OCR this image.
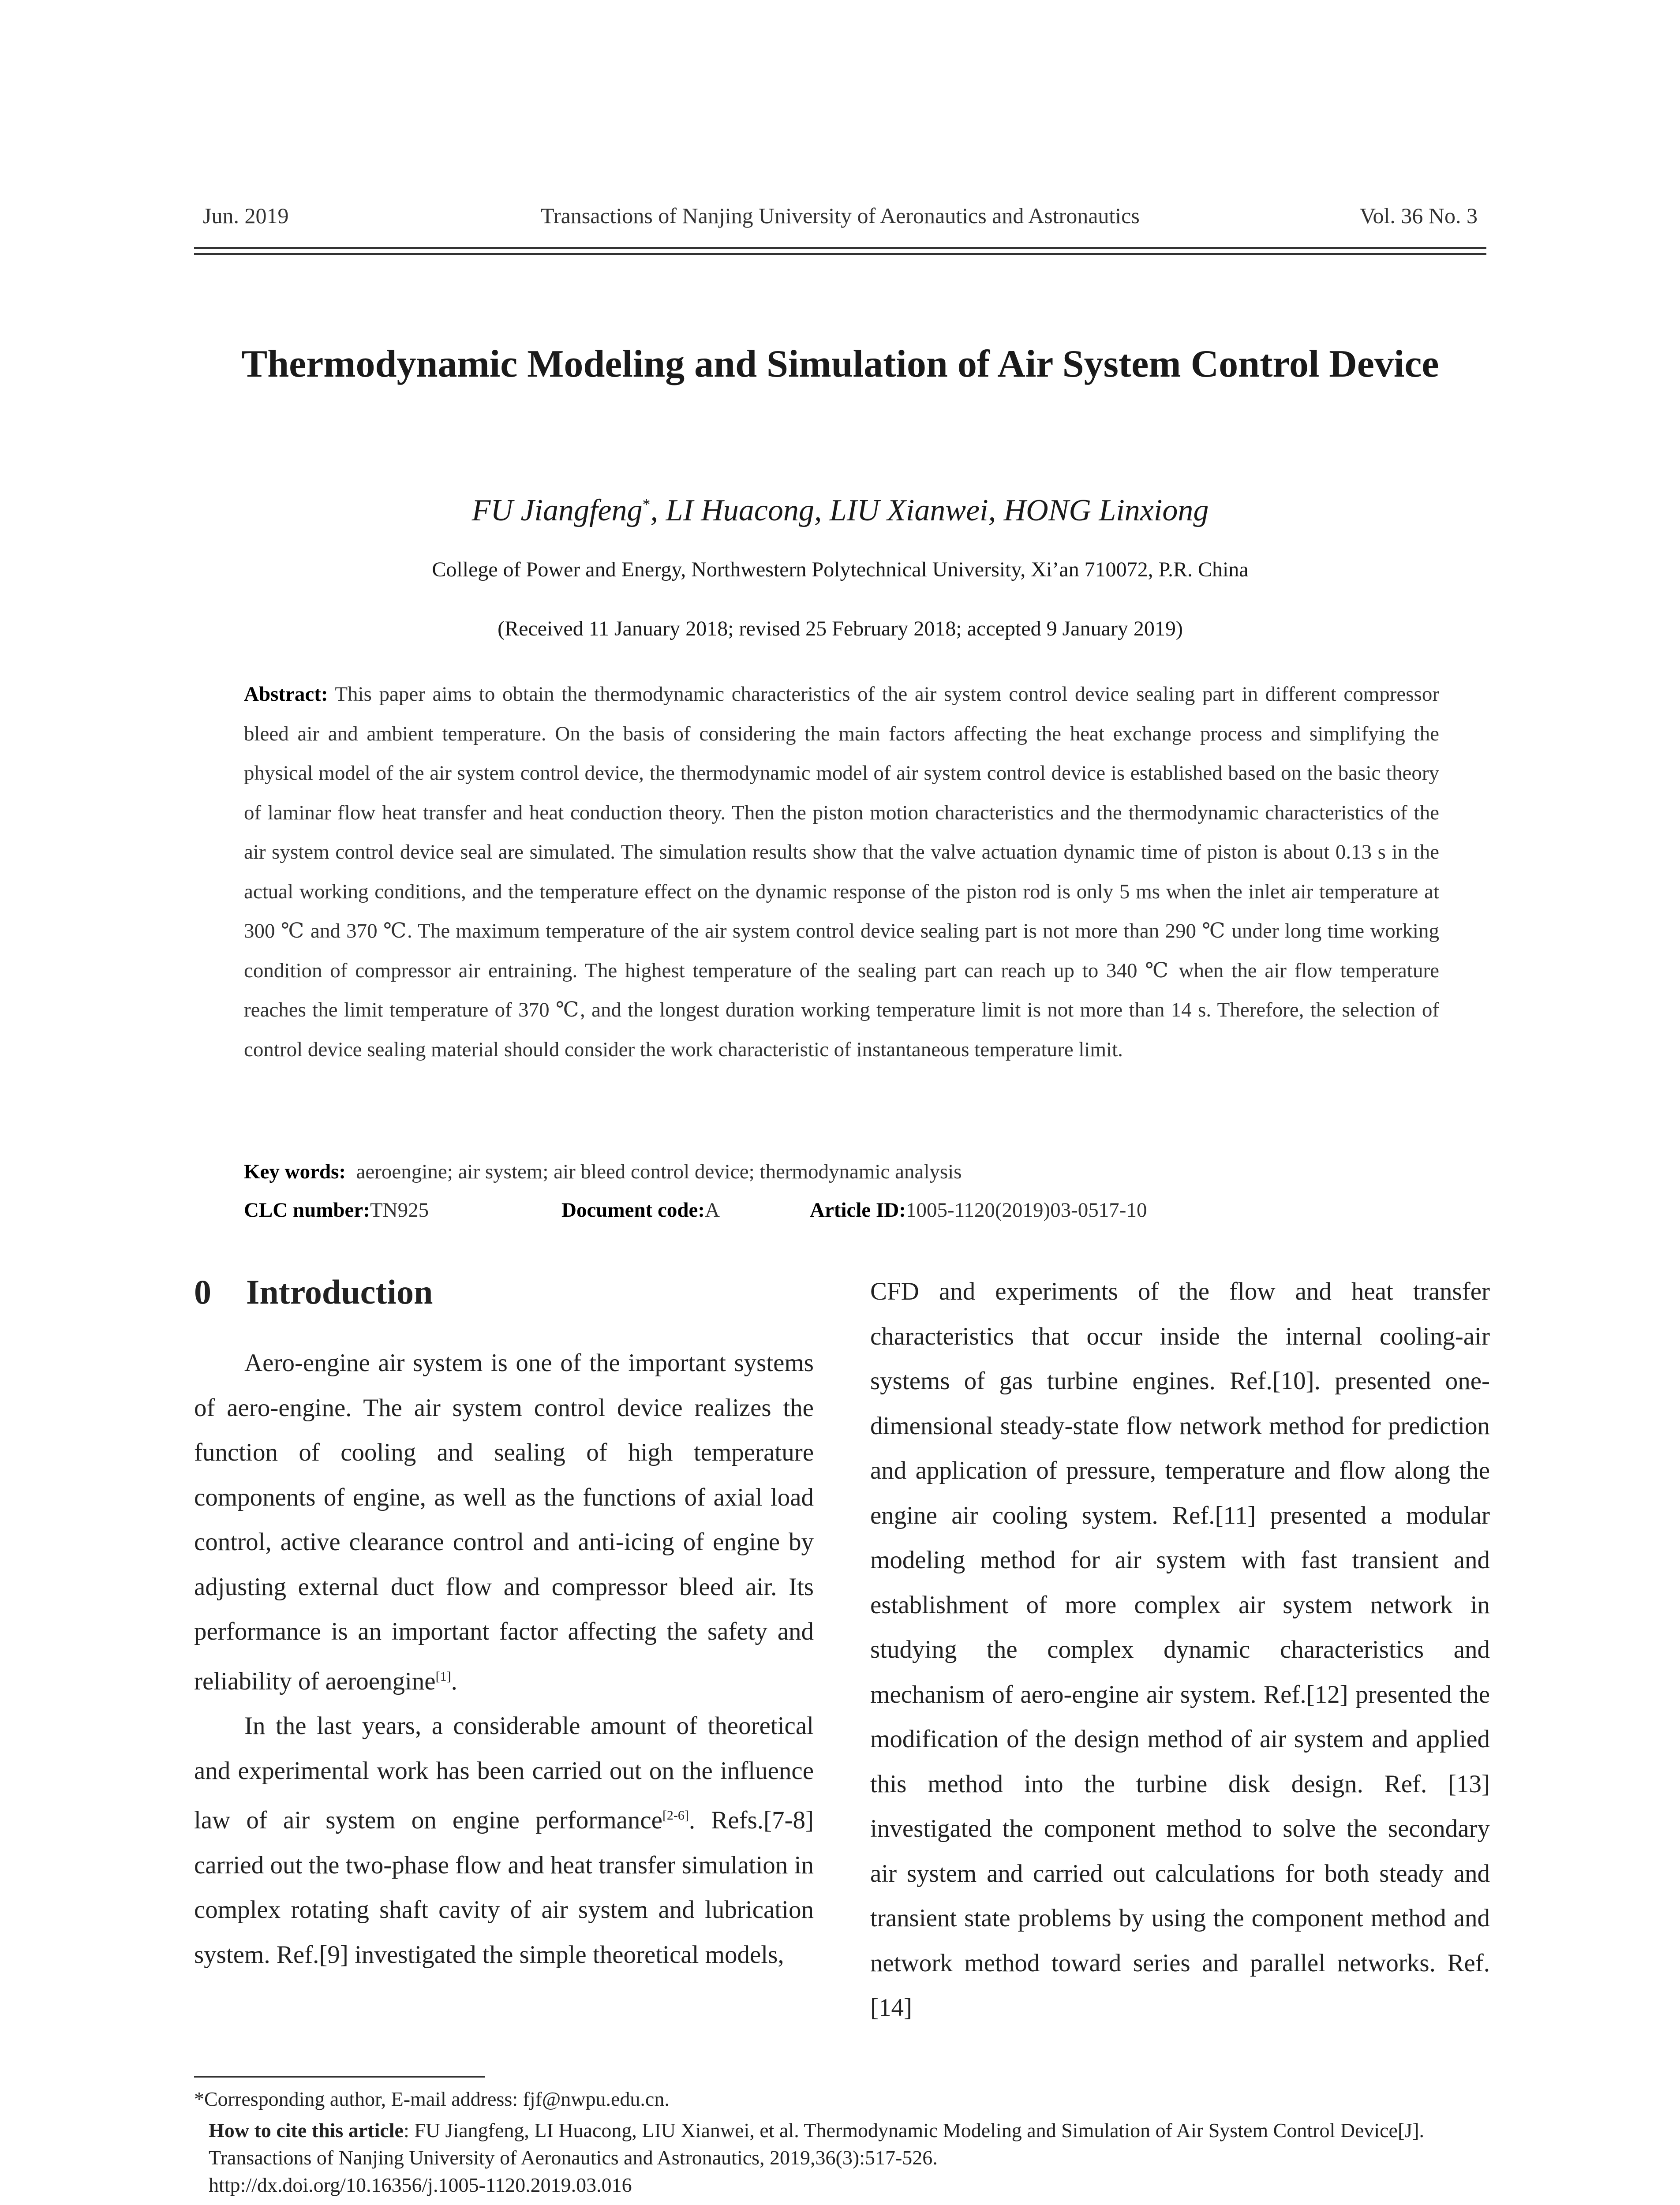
Jun. 2019	Transactions of Nanjing University of Aeronautics and Astronautics	Vol. 36 No. 3
Thermodynamic Modeling and Simulation of Air System Control Device
FU Jiangfeng*, LI Huacong, LIU Xianwei, HONG Linxiong
College of Power and Energy, Northwestern Polytechnical University, Xi’an 710072, P.R. China
(Received 11 January 2018; revised 25 February 2018; accepted 9 January 2019)
Abstract: This paper aims to obtain the thermodynamic characteristics of the air system control device sealing part in different compressor bleed air and ambient temperature. On the basis of considering the main factors affecting the heat exchange process and simplifying the physical model of the air system control device, the thermodynamic model of air system control device is established based on the basic theory of laminar flow heat transfer and heat conduction theory. Then the piston motion characteristics and the thermodynamic characteristics of the air system control device seal are simulated. The simulation results show that the valve actuation dynamic time of piston is about 0.13 s in the actual working conditions, and the temperature effect on the dynamic response of the piston rod is only 5 ms when the inlet air temperature at 300 ℃ and 370 ℃. The maximum temperature of the air system control device sealing part is not more than 290 ℃ under long time working condition of compressor air entraining. The highest temperature of the sealing part can reach up to 340 ℃ when the air flow temperature reaches the limit temperature of 370 ℃, and the longest duration working temperature limit is not more than 14 s. Therefore, the selection of control device sealing material should consider the work characteristic of instantaneous temperature limit.
Key words: aeroengine; air system; air bleed control device; thermodynamic analysis
CLC number:TN925	Document code:A	Article ID:1005-1120(2019)03-0517-10
0 Introduction

Aero-engine air system is one of the important systems of aero-engine. The air system control device realizes the function of cooling and sealing of high temperature components of engine, as well as the functions of axial load control, active clearance control and anti-icing of engine by adjusting external duct flow and compressor bleed air. Its performance is an important factor affecting the safety and reliability of aeroengine[1].

In the last years, a considerable amount of theoretical and experimental work has been carried out on the influence law of air system on engine performance[2-6]. Refs.[7-8] carried out the two-phase flow and heat transfer simulation in complex rotating shaft cavity of air system and lubrication system. Ref.[9] investigated the simple theoretical models,

CFD and experiments of the flow and heat transfer characteristics that occur inside the internal cooling-air systems of gas turbine engines. Ref.[10]. presented one-dimensional steady-state flow network method for prediction and application of pressure, temperature and flow along the engine air cooling system. Ref.[11] presented a modular modeling method for air system with fast transient and establishment of more complex air system network in studying the complex dynamic characteristics and mechanism of aero-engine air system. Ref.[12] presented the modification of the design method of air system and applied this method into the turbine disk design. Ref. [13] investigated the component method to solve the secondary air system and carried out calculations for both steady and transient state problems by using the component method and network method toward series and parallel networks. Ref. [14]
*Corresponding author, E-mail address: fjf@nwpu.edu.cn.
How to cite this article: FU Jiangfeng, LI Huacong, LIU Xianwei, et al. Thermodynamic Modeling and Simulation of Air System Control Device[J]. Transactions of Nanjing University of Aeronautics and Astronautics, 2019,36(3):517-526.
http://dx.doi.org/10.16356/j.1005-1120.2019.03.016
